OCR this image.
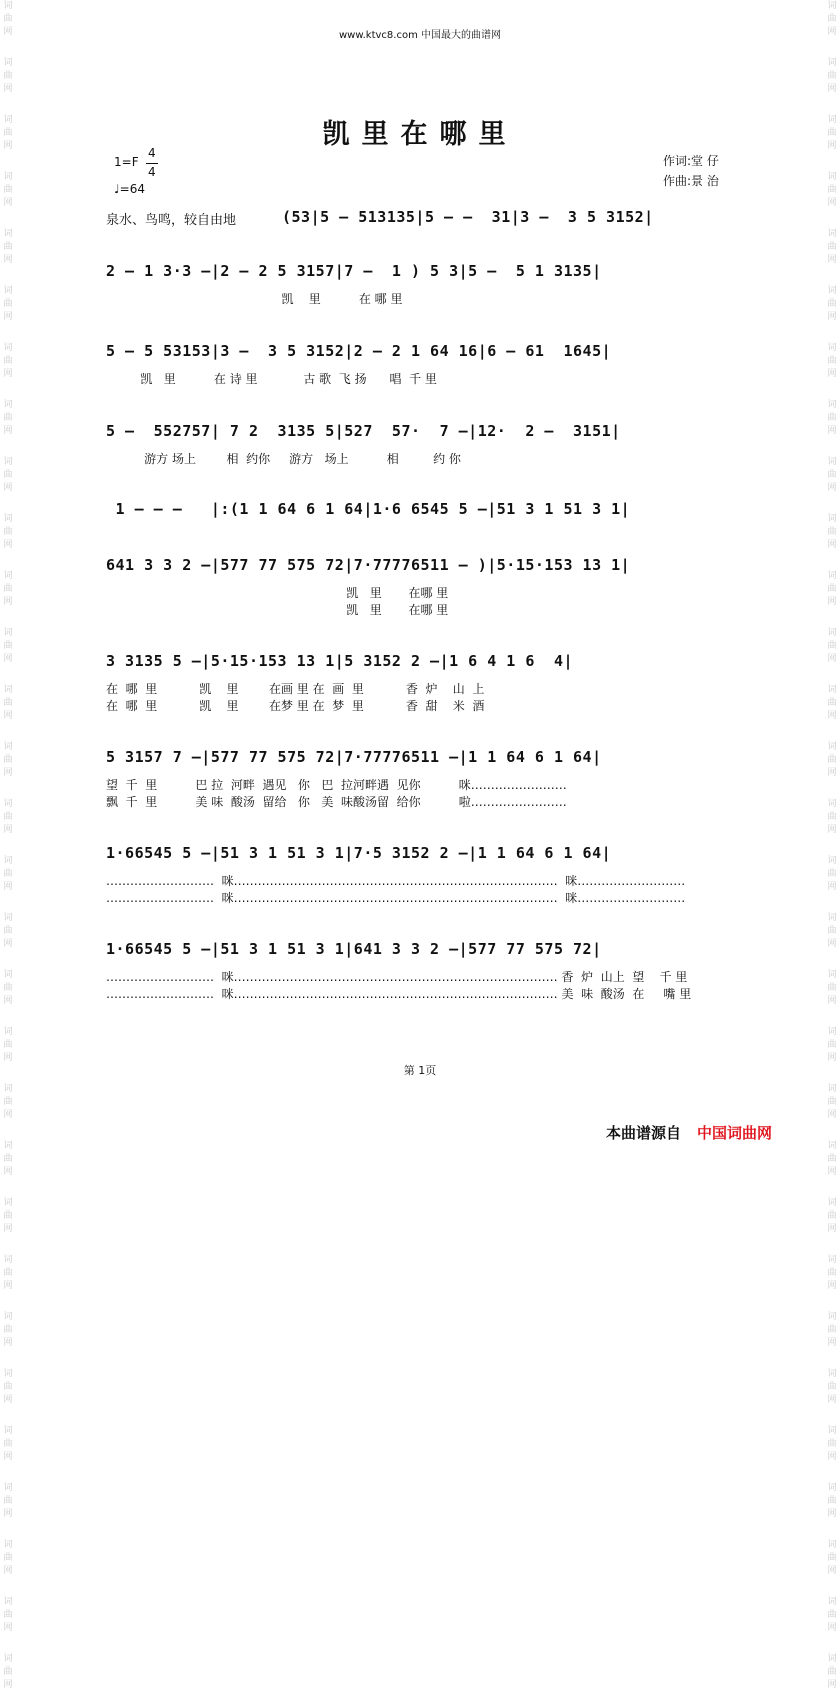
词
曲
网
词
曲
网
词
曲
网
词
曲
网
词
曲
网
词
曲
网
词
曲
网
词
曲
网
词
曲
网
词
曲
网
词
曲
网
词
曲
网
词
曲
网
词
曲
网
词
曲
网
词
曲
网
词
曲
网
词
曲
网
词
曲
网
词
曲
网
词
曲
网
词
曲
网
词
曲
网
词
曲
网
词
曲
网
词
曲
网
词
曲
网
词
曲
网
词
曲
网
词
曲
网
词
曲
网
词
曲
网
词
曲
网
词
曲
网
词
曲
网
词
曲
网
词
曲
网
词
曲
网
词
曲
网
词
曲
网
词
曲
网
词
曲
网
词
曲
网
词
曲
网
词
曲
网
词
曲
网
词
曲
网
词
曲
网
词
曲
网
词
曲
网
词
曲
网
词
曲
网
词
曲
网
词
曲
网
词
曲
网
词
曲
网
词
曲
网
词
曲
网
词
曲
网
词
曲
网
www.ktvc8.com 中国最大的曲谱网
凯里在哪里
1=F
4
4
♩=64
作词:堂 仔
作曲:景 治
泉水、鸟鸣，较自由地	(53|5 – 513135|5 – –  31|3 –  3 5 3152|
2 – 1 3·3 –|2 – 2 5 3157|7 –  1 ) 5 3|5 –  5 1 3135|
凯    里          在 哪 里
5 – 5 53153|3 –  3 5 3152|2 – 2 1 64 16|6 – 61  1645|
凯   里          在 诗 里            古 歌  飞 扬      唱  千 里
5 –  552757| 7 2  3135 5|527  57·  7 –|12·  2 –  3151|
游方 场上        相  约你     游方   场上          相         约 你
1 – – –   |:(1 1 64 6 1 64|1·6 6545 5 –|51 3 1 51 3 1|
641 3 3 2 –|577 77 575 72|7·77776511 – )|5·15·153 13 1|
凯   里       在哪 里
凯   里       在哪 里
3 3135 5 –|5·15·153 13 1|5 3152 2 –|1 6 4 1 6  4|
在  哪  里           凯    里        在画 里 在  画  里           香  炉    山  上
在  哪  里           凯    里        在梦 里 在  梦  里           香  甜    米  酒
5 3157 7 –|577 77 575 72|7·77776511 –|1 1 64 6 1 64|
望  千  里          巴 拉  河畔  遇见   你   巴  拉河畔遇  见你          咪……………………
飘  千  里          美 味  酸汤  留给   你   美  味酸汤留  给你          啦……………………
1·66545 5 –|51 3 1 51 3 1|7·5 3152 2 –|1 1 64 6 1 64|
………………………  咪………………………………………………………………………  咪………………………
………………………  咪………………………………………………………………………  咪………………………
1·66545 5 –|51 3 1 51 3 1|641 3 3 2 –|577 77 575 72|
………………………  咪……………………………………………………………………… 香  炉  山上  望    千 里
………………………  咪……………………………………………………………………… 美  味  酸汤  在     嘴 里
第 1页
本曲谱源自 中国词曲网
